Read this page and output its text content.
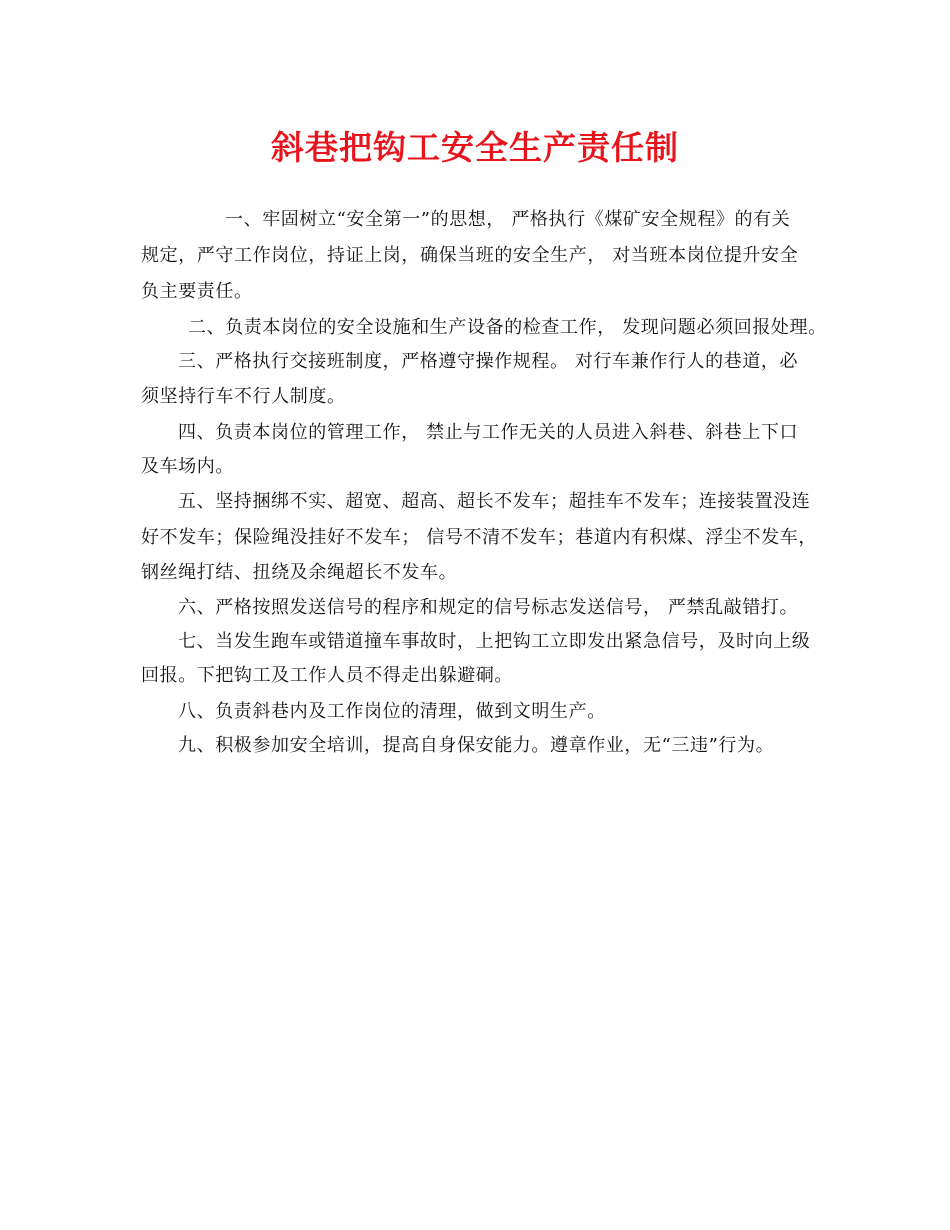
斜巷把钩工安全生产责任制
一、牢固树立“安全第一”的思想， 严格执行《煤矿安全规程》的有关
规定，严守工作岗位，持证上岗，确保当班的安全生产， 对当班本岗位提升安全
负主要责任。
二、负责本岗位的安全设施和生产设备的检查工作， 发现问题必须回报处理。
三、严格执行交接班制度，严格遵守操作规程。 对行车兼作行人的巷道，必
须坚持行车不行人制度。
四、负责本岗位的管理工作， 禁止与工作无关的人员进入斜巷、斜巷上下口
及车场内。
五、坚持捆绑不实、超宽、超高、超长不发车；超挂车不发车；连接装置没连
好不发车；保险绳没挂好不发车； 信号不清不发车；巷道内有积煤、浮尘不发车，
钢丝绳打结、扭绕及余绳超长不发车。
六、严格按照发送信号的程序和规定的信号标志发送信号， 严禁乱敲错打。
七、当发生跑车或错道撞车事故时，上把钩工立即发出紧急信号，及时向上级
回报。下把钩工及工作人员不得走出躲避硐。
八、负责斜巷内及工作岗位的清理，做到文明生产。
九、积极参加安全培训，提高自身保安能力。遵章作业，无“三违”行为。
